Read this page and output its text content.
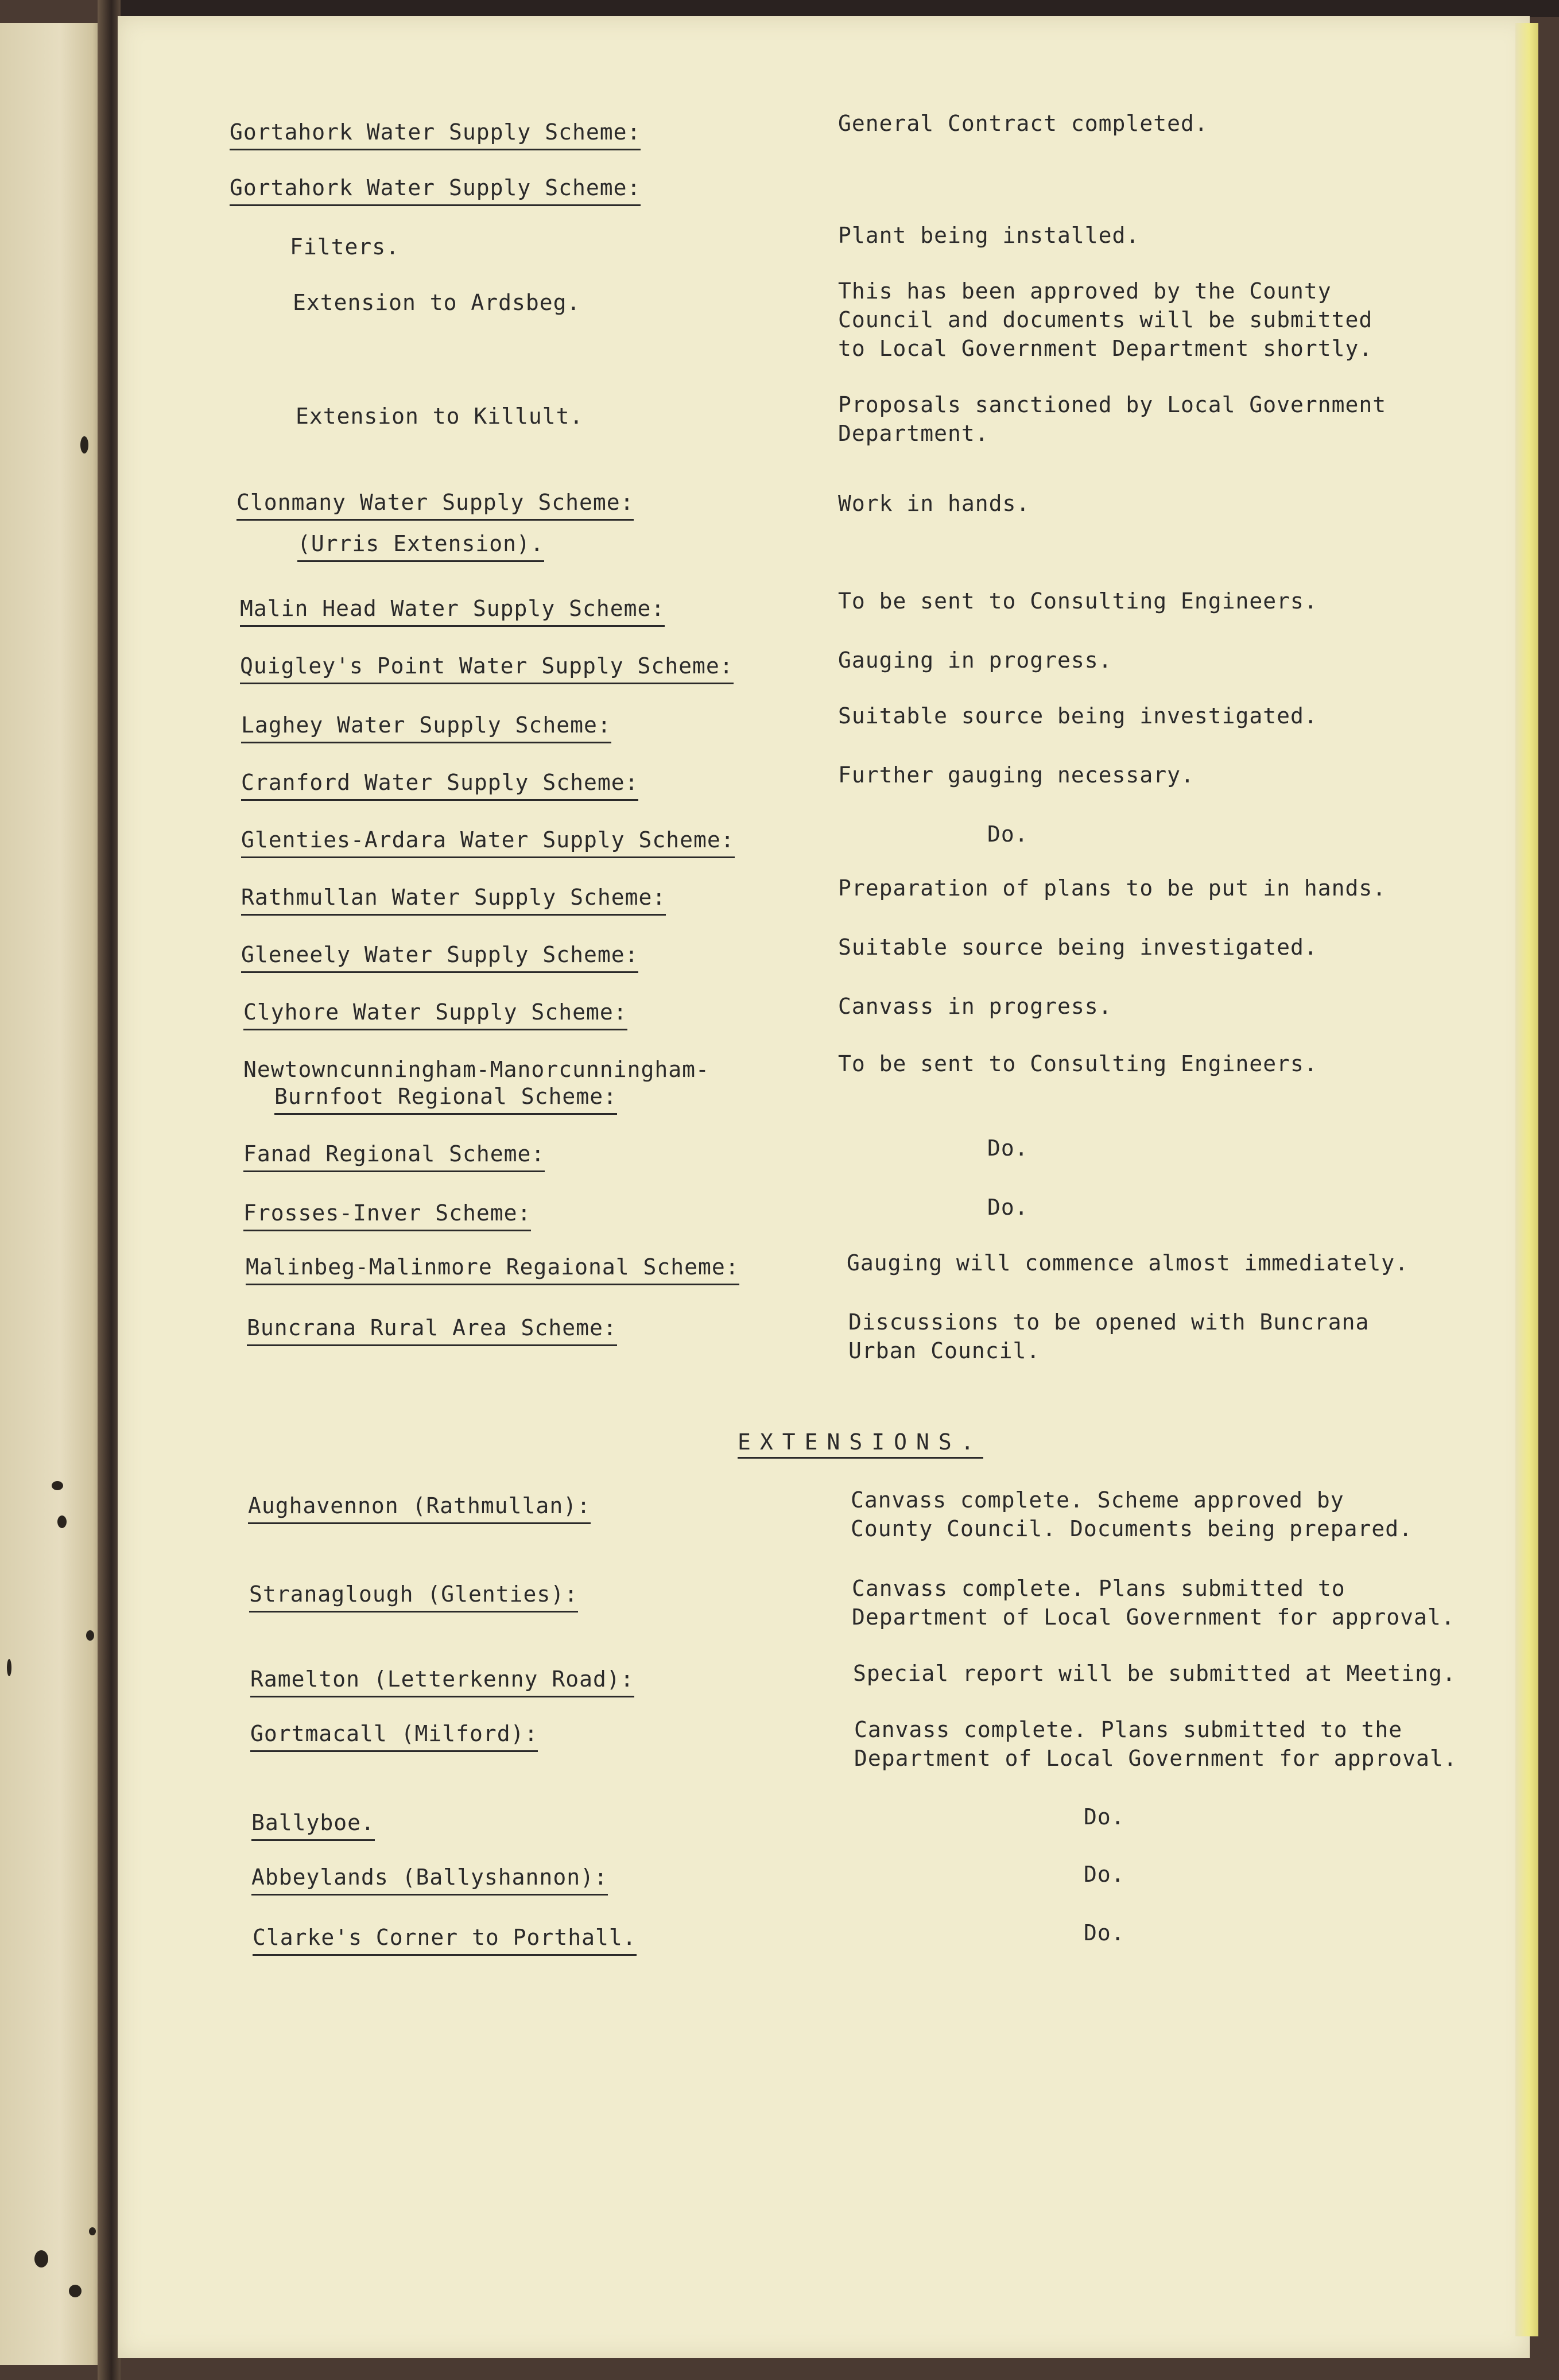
Gortahork Water Supply Scheme:	General Contract completed.
Gortahork Water Supply Scheme:
Filters.	Plant being installed.
Extension to Ardsbeg.	This has been approved by the County
Council and documents will be submitted
to Local Government Department shortly.
Extension to Killult.	Proposals sanctioned by Local Government
Department.
Clonmany Water Supply Scheme:	Work in hands.
(Urris Extension).
Malin Head Water Supply Scheme:	To be sent to Consulting Engineers.
Quigley's Point Water Supply Scheme:	Gauging in progress.
Laghey Water Supply Scheme:	Suitable source being investigated.
Cranford Water Supply Scheme:	Further gauging necessary.
Glenties-Ardara Water Supply Scheme:	Do.
Rathmullan Water Supply Scheme:	Preparation of plans to be put in hands.
Gleneely Water Supply Scheme:	Suitable source being investigated.
Clyhore Water Supply Scheme:	Canvass in progress.
Newtowncunningham-Manorcunningham-	To be sent to Consulting Engineers.
Burnfoot Regional Scheme:
Fanad Regional Scheme:	Do.
Frosses-Inver Scheme:	Do.
Malinbeg-Malinmore Regaional Scheme:	Gauging will commence almost immediately.
Buncrana Rural Area Scheme:	Discussions to be opened with Buncrana
Urban Council.
EXTENSIONS.
Aughavennon (Rathmullan):	Canvass complete. Scheme approved by
County Council. Documents being prepared.
Stranaglough (Glenties):	Canvass complete. Plans submitted to
Department of Local Government for approval.
Ramelton (Letterkenny Road):	Special report will be submitted at Meeting.
Gortmacall (Milford):	Canvass complete. Plans submitted to the
Department of Local Government for approval.
Ballyboe.	Do.
Abbeylands (Ballyshannon):	Do.
Clarke's Corner to Porthall.	Do.
